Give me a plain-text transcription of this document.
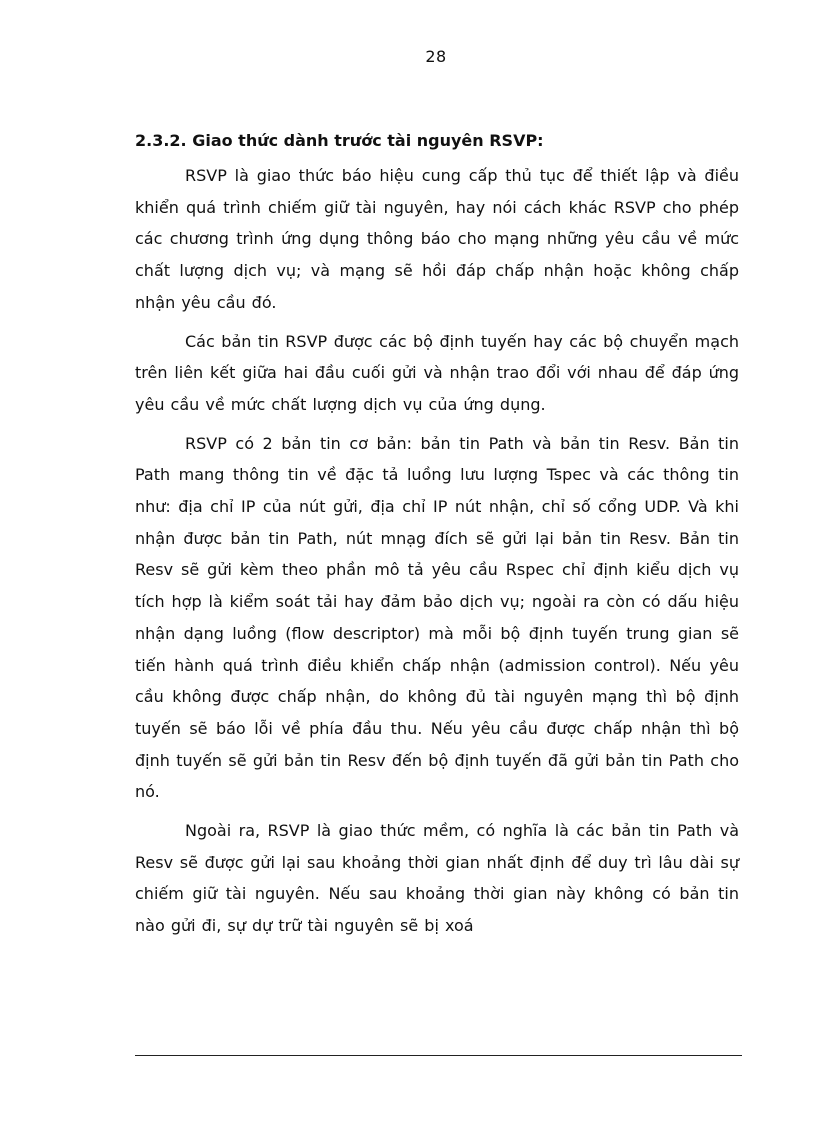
28
2.3.2. Giao thức dành trước tài nguyên RSVP:

RSVP là giao thức báo hiệu cung cấp thủ tục để thiết lập và điều khiển quá trình chiếm giữ tài nguyên, hay nói cách khác RSVP cho phép các chương trình ứng dụng thông báo cho mạng những yêu cầu về mức chất lượng dịch vụ; và mạng sẽ hồi đáp chấp nhận hoặc không chấp nhận yêu cầu đó.

Các bản tin RSVP được các bộ định tuyến hay các bộ chuyển mạch trên liên kết giữa hai đầu cuối gửi và nhận trao đổi với nhau để đáp ứng yêu cầu về mức chất lượng dịch vụ của ứng dụng.

RSVP có 2 bản tin cơ bản: bản tin Path và bản tin Resv. Bản tin Path mang thông tin về đặc tả luồng lưu lượng Tspec và các thông tin như: địa chỉ IP của nút gửi, địa chỉ IP nút nhận, chỉ số cổng UDP. Và khi nhận được bản tin Path, nút mnạg đích sẽ gửi lại bản tin Resv. Bản tin Resv sẽ gửi kèm theo phần mô tả yêu cầu Rspec chỉ định kiểu dịch vụ tích hợp là kiểm soát tải hay đảm bảo dịch vụ; ngoài ra còn có dấu hiệu nhận dạng luồng (flow descriptor) mà mỗi bộ định tuyến trung gian sẽ tiến hành quá trình điều khiển chấp nhận (admission control). Nếu yêu cầu không được chấp nhận, do không đủ tài nguyên mạng thì bộ định tuyến sẽ báo lỗi về phía đầu thu. Nếu yêu cầu được chấp nhận thì bộ định tuyến sẽ gửi bản tin Resv đến bộ định tuyến đã gửi bản tin Path cho nó.

Ngoài ra, RSVP là giao thức mềm, có nghĩa là các bản tin Path và Resv sẽ được gửi lại sau khoảng thời gian nhất định để duy trì lâu dài sự chiếm giữ tài nguyên. Nếu sau khoảng thời gian này không có bản tin nào gửi đi, sự dự trữ tài nguyên sẽ bị xoá
